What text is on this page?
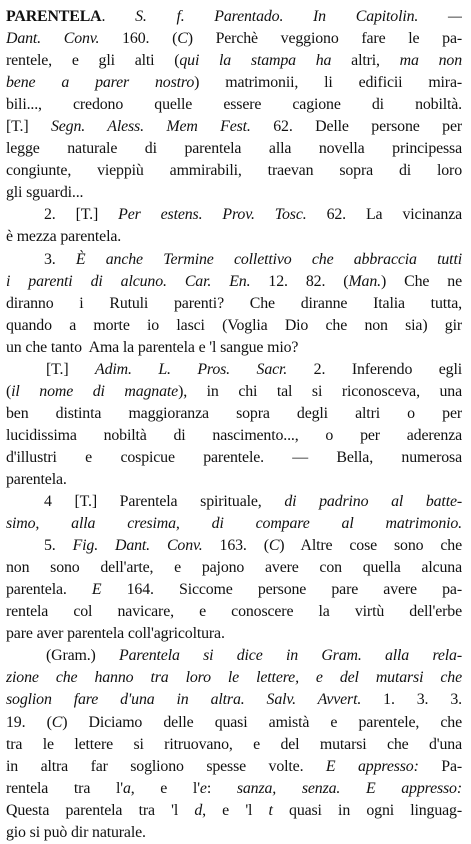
PARENTELA. S. f. Parentado. In Capitolin. —
Dant. Conv. 160. (C) Perchè veggiono fare le pa-
rentele, e gli alti (qui la stampa ha altri, ma non
bene a parer nostro) matrimonii, li edificii mira-
bili..., credono quelle essere cagione di nobiltà.
[T.] Segn. Aless. Mem Fest. 62. Delle persone per
legge naturale di parentela alla novella principessa
congiunte, vieppiù ammirabili, traevan sopra di loro
gli sguardi...
2. [T.] Per estens. Prov. Tosc. 62. La vicinanza
è mezza parentela.
3. È anche Termine collettivo che abbraccia tutti
i parenti di alcuno. Car. En. 12. 82. (Man.) Che ne
diranno i Rutuli parenti? Che diranne Italia tutta,
quando a morte io lasci (Voglia Dio che non sia) gir
un che tanto  Ama la parentela e 'l sangue mio?
[T.] Adim. L. Pros. Sacr. 2. Inferendo egli
(il nome di magnate), in chi tal si riconosceva, una
ben distinta maggioranza sopra degli altri o per
lucidissima nobiltà di nascimento..., o per aderenza
d'illustri e cospicue parentele. — Bella, numerosa
parentela.
4 [T.] Parentela spirituale, di padrino al batte-
simo, alla cresima, di compare al matrimonio.
5. Fig. Dant. Conv. 163. (C) Altre cose sono che
non sono dell'arte, e pajono avere con quella alcuna
parentela. E 164. Siccome persone pare avere pa-
rentela col navicare, e conoscere la virtù dell'erbe
pare aver parentela coll'agricoltura.
(Gram.) Parentela si dice in Gram. alla rela-
zione che hanno tra loro le lettere, e del mutarsi che
soglion fare d'una in altra. Salv. Avvert. 1. 3. 3.
19. (C) Diciamo delle quasi amistà e parentele, che
tra le lettere si ritruovano, e del mutarsi che d'una
in altra far sogliono spesse volte. E appresso: Pa-
rentela tra l'a, e l'e: sanza, senza. E appresso:
Questa parentela tra 'l d, e 'l t quasi in ogni linguag-
gio si può dir naturale.
